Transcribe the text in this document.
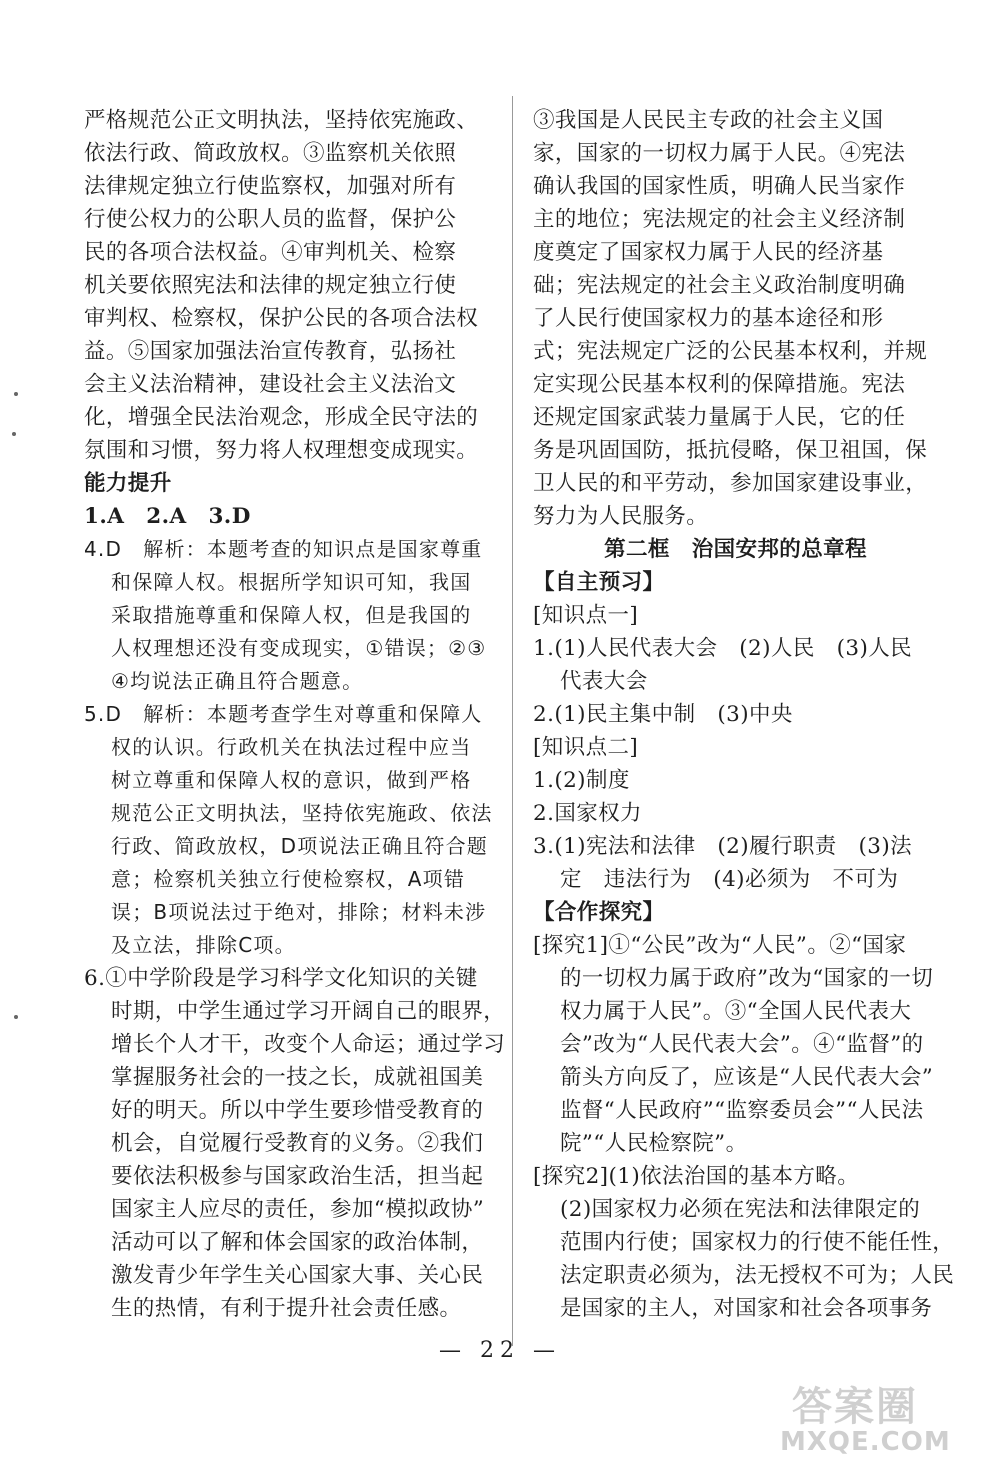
严格规范公正文明执法，坚持依宪施政、
依法行政、简政放权。③监察机关依照
法律规定独立行使监察权，加强对所有
行使公权力的公职人员的监督，保护公
民的各项合法权益。④审判机关、检察
机关要依照宪法和法律的规定独立行使
审判权、检察权，保护公民的各项合法权
益。⑤国家加强法治宣传教育，弘扬社
会主义法治精神，建设社会主义法治文
化，增强全民法治观念，形成全民守法的
氛围和习惯，努力将人权理想变成现实。
能力提升
1.A　2.A　3.D
4.D　解析：本题考查的知识点是国家尊重
和保障人权。根据所学知识可知，我国
采取措施尊重和保障人权，但是我国的
人权理想还没有变成现实，①错误；②③
④均说法正确且符合题意。
5.D　解析：本题考查学生对尊重和保障人
权的认识。行政机关在执法过程中应当
树立尊重和保障人权的意识，做到严格
规范公正文明执法，坚持依宪施政、依法
行政、简政放权，D项说法正确且符合题
意；检察机关独立行使检察权，A项错
误；B项说法过于绝对，排除；材料未涉
及立法，排除C项。
6.①中学阶段是学习科学文化知识的关键
时期，中学生通过学习开阔自己的眼界，
增长个人才干，改变个人命运；通过学习
掌握服务社会的一技之长，成就祖国美
好的明天。所以中学生要珍惜受教育的
机会，自觉履行受教育的义务。②我们
要依法积极参与国家政治生活，担当起
国家主人应尽的责任，参加“模拟政协”
活动可以了解和体会国家的政治体制，
激发青少年学生关心国家大事、关心民
生的热情，有利于提升社会责任感。
③我国是人民民主专政的社会主义国
家，国家的一切权力属于人民。④宪法
确认我国的国家性质，明确人民当家作
主的地位；宪法规定的社会主义经济制
度奠定了国家权力属于人民的经济基
础；宪法规定的社会主义政治制度明确
了人民行使国家权力的基本途径和形
式；宪法规定广泛的公民基本权利，并规
定实现公民基本权利的保障措施。宪法
还规定国家武装力量属于人民，它的任
务是巩固国防，抵抗侵略，保卫祖国，保
卫人民的和平劳动，参加国家建设事业，
努力为人民服务。
第二框　治国安邦的总章程
【自主预习】
[知识点一]
1.(1)人民代表大会　(2)人民　(3)人民
代表大会
2.(1)民主集中制　(3)中央
[知识点二]
1.(2)制度
2.国家权力
3.(1)宪法和法律　(2)履行职责　(3)法
定　违法行为　(4)必须为　不可为
【合作探究】
[探究1]①“公民”改为“人民”。②“国家
的一切权力属于政府”改为“国家的一切
权力属于人民”。③“全国人民代表大
会”改为“人民代表大会”。④“监督”的
箭头方向反了，应该是“人民代表大会”
监督“人民政府”“监察委员会”“人民法
院”“人民检察院”。
[探究2](1)依法治国的基本方略。
(2)国家权力必须在宪法和法律限定的
范围内行使；国家权力的行使不能任性，
法定职责必须为，法无授权不可为；人民
是国家的主人，对国家和社会各项事务
— 22 —
答案圈
MXQE.COM
